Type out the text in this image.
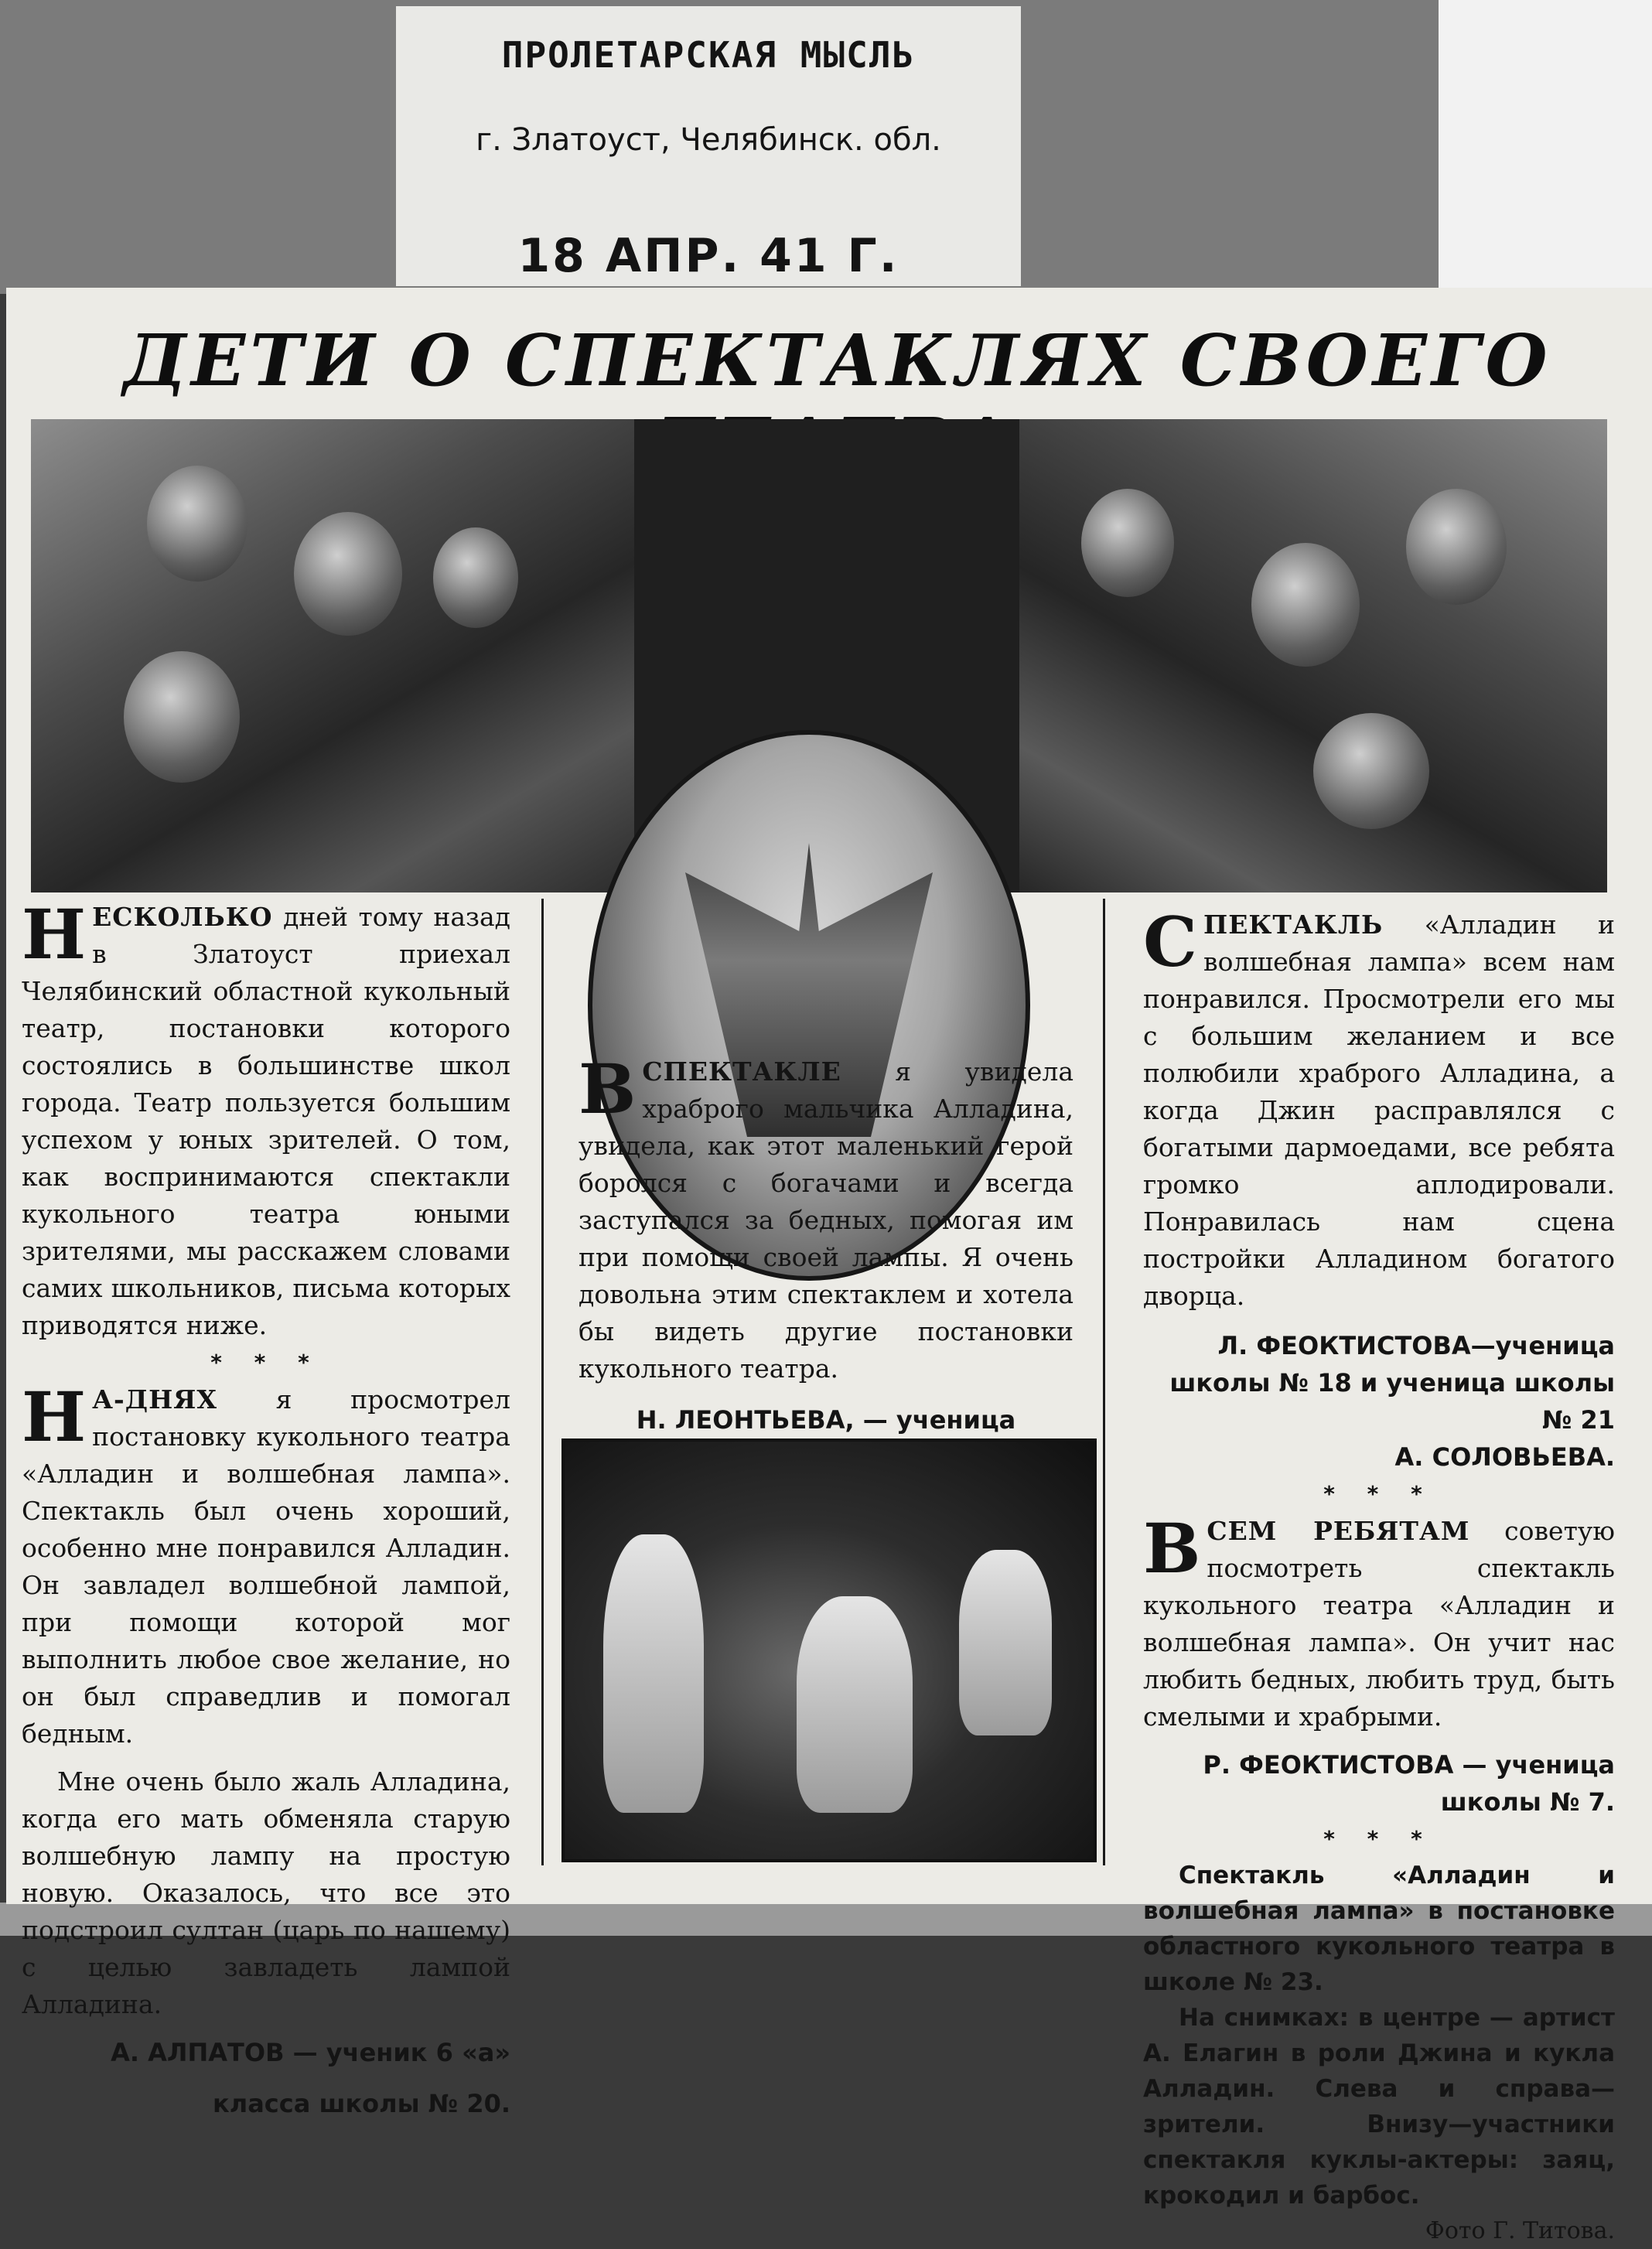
ПРОЛЕТАРСКАЯ МЫСЛЬ
г. Златоуст, Челябинск. обл.
18 АПР. 41 Г.
ДЕТИ О СПЕКТАКЛЯХ СВОЕГО

НЕСКОЛЬКО дней тому назад в Златоуст приехал Челябинский областной кукольный театр, постановки которого состоялись в большинстве школ города. Театр пользуется большим успехом у юных зрителей. О том, как воспринимаются спектакли кукольного театра юными зрителями, мы расскажем словами самих школьников, письма которых приводятся ниже.

* * *

Н А-ДНЯХ я просмотрел постановку кукольного театра «Алладин и волшебная лампа». Спектакль был очень хороший, особенно мне понравился Алладин. Он завладел волшебной лампой, при помощи которой мог выполнить любое свое желание, но он был справедлив и помогал бедным.

Мне очень было жаль Алладина, когда его мать обменяла старую волшебную лампу на простую новую. Оказалось, что все это подстроил султан (царь по нашему) с целью завладеть лампой Алладина.

А. АЛПАТОВ — ученик 6 «а»
класса школы № 20.

ВСПЕКТАКЛЕ я увидела храброго мальчика Алладина, увидела, как этот маленький герой боролся с богачами и всегда заступался за бедных, помогая им при помощи своей лампы. Я очень довольна этим спектаклем и хотела бы видеть другие постановки кукольного театра.

Н. ЛЕОНТЬЕВА, — ученица

СПЕКТАКЛЬ «Алладин и волшебная лампа» всем нам понравился. Просмотрели его мы с большим желанием и все полюбили храброго Алладина, а когда Джин расправлялся с богатыми дармоедами, все ребята громко аплодировали. Понравилась нам сцена постройки Алладином богатого дворца.

Л. ФЕОКТИСТОВА—ученица школы № 18 и ученица школы № 21
А. СОЛОВЬЕВА.
* * *

ВСЕМ РЕБЯТАМ советую посмотреть спектакль кукольного театра «Алладин и волшебная лампа». Он учит нас любить бедных, любить труд, быть смелыми и храбрыми.

Р. ФЕОКТИСТОВА — ученица
школы № 7.
* * *

Спектакль «Алладин и волшебная лампа» в постановке областного кукольного театра в школе № 23.

На снимках: в центре — артист А. Елагин в роли Джина и кукла Алладин. Слева и справа—зрители. Внизу—участники спектакля куклы-актеры: заяц, крокодил и барбос.

Фото Г. Титова.
